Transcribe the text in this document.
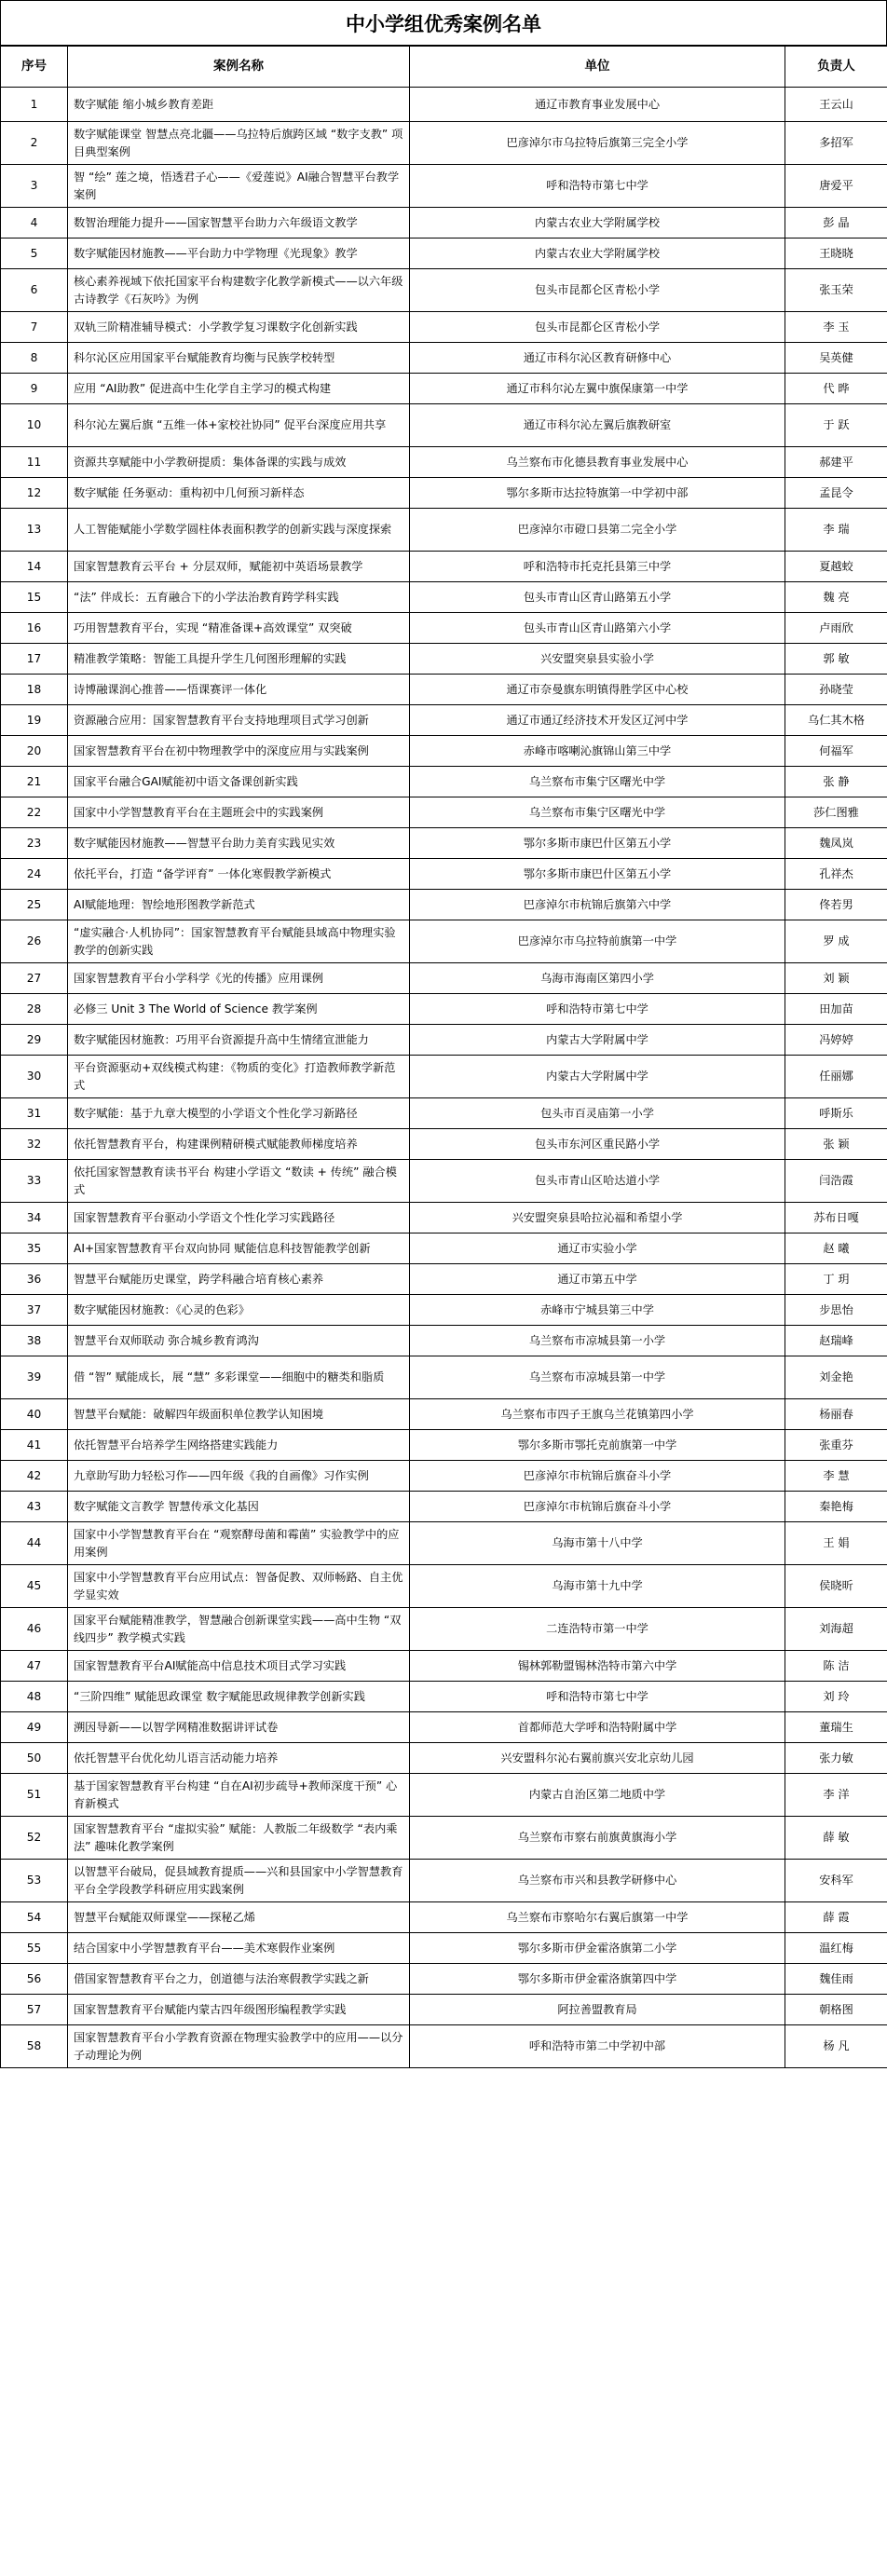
中小学组优秀案例名单
序号	案例名称	单位	负责人
1	数字赋能 缩小城乡教育差距	通辽市教育事业发展中心	王云山
2	数字赋能课堂 智慧点亮北疆——乌拉特后旗跨区域 “数字支教” 项目典型案例	巴彦淖尔市乌拉特后旗第三完全小学	多招军
3	智 “绘” 莲之境，悟透君子心——《爱莲说》AI融合智慧平台教学案例	呼和浩特市第七中学	唐爱平
4	数智治理能力提升——国家智慧平台助力六年级语文教学	内蒙古农业大学附属学校	彭 晶
5	数字赋能因材施教——平台助力中学物理《光现象》教学	内蒙古农业大学附属学校	王晓晓
6	核心素养视域下依托国家平台构建数字化教学新模式——以六年级古诗教学《石灰吟》为例	包头市昆都仑区青松小学	张玉荣
7	双轨三阶精准辅导模式：小学教学复习课数字化创新实践	包头市昆都仑区青松小学	李 玉
8	科尔沁区应用国家平台赋能教育均衡与民族学校转型	通辽市科尔沁区教育研修中心	吴英健
9	应用 “AI助教” 促进高中生化学自主学习的模式构建	通辽市科尔沁左翼中旗保康第一中学	代 晔
10	科尔沁左翼后旗 “五维一体+家校社协同” 促平台深度应用共享	通辽市科尔沁左翼后旗教研室	于 跃
11	资源共享赋能中小学教研提质：集体备课的实践与成效	乌兰察布市化德县教育事业发展中心	郝建平
12	数字赋能 任务驱动：重构初中几何预习新样态	鄂尔多斯市达拉特旗第一中学初中部	孟昆令
13	人工智能赋能小学数学圆柱体表面积教学的创新实践与深度探索	巴彦淖尔市磴口县第二完全小学	李 瑞
14	国家智慧教育云平台 + 分层双师，赋能初中英语场景教学	呼和浩特市托克托县第三中学	夏越蛟
15	“法” 伴成长：五育融合下的小学法治教育跨学科实践	包头市青山区青山路第五小学	魏 亮
16	巧用智慧教育平台，实现 “精准备课+高效课堂” 双突破	包头市青山区青山路第六小学	卢雨欣
17	精准教学策略：智能工具提升学生几何图形理解的实践	兴安盟突泉县实验小学	郭 敏
18	诗博融课润心推普——悟课赛评一体化	通辽市奈曼旗东明镇得胜学区中心校	孙晓莹
19	资源融合应用：国家智慧教育平台支持地理项目式学习创新	通辽市通辽经济技术开发区辽河中学	乌仁其木格
20	国家智慧教育平台在初中物理教学中的深度应用与实践案例	赤峰市喀喇沁旗锦山第三中学	何福军
21	国家平台融合GAI赋能初中语文备课创新实践	乌兰察布市集宁区曙光中学	张 静
22	国家中小学智慧教育平台在主题班会中的实践案例	乌兰察布市集宁区曙光中学	莎仁图雅
23	数字赋能因材施教——智慧平台助力美育实践见实效	鄂尔多斯市康巴什区第五小学	魏凤岚
24	依托平台，打造 “备学评育” 一体化寒假教学新模式	鄂尔多斯市康巴什区第五小学	孔祥杰
25	AI赋能地理：智绘地形图教学新范式	巴彦淖尔市杭锦后旗第六中学	佟若男
26	“虚实融合·人机协同”：国家智慧教育平台赋能县域高中物理实验教学的创新实践	巴彦淖尔市乌拉特前旗第一中学	罗 成
27	国家智慧教育平台小学科学《光的传播》应用课例	乌海市海南区第四小学	刘 颖
28	必修三 Unit 3 The World of Science 教学案例	呼和浩特市第七中学	田加苗
29	数字赋能因材施教：巧用平台资源提升高中生情绪宣泄能力	内蒙古大学附属中学	冯婷婷
30	平台资源驱动+双线模式构建：《物质的变化》打造教师教学新范式	内蒙古大学附属中学	任丽娜
31	数字赋能：基于九章大模型的小学语文个性化学习新路径	包头市百灵庙第一小学	呼斯乐
32	依托智慧教育平台，构建课例精研模式赋能教师梯度培养	包头市东河区重民路小学	张 颖
33	依托国家智慧教育读书平台 构建小学语文 “数读 + 传统” 融合模式	包头市青山区哈达道小学	闫浩霞
34	国家智慧教育平台驱动小学语文个性化学习实践路径	兴安盟突泉县哈拉沁福和希望小学	苏布日嘎
35	AI+国家智慧教育平台双向协同 赋能信息科技智能教学创新	通辽市实验小学	赵 曦
36	智慧平台赋能历史课堂，跨学科融合培育核心素养	通辽市第五中学	丁 玥
37	数字赋能因材施教：《心灵的色彩》	赤峰市宁城县第三中学	步思怡
38	智慧平台双师联动 弥合城乡教育鸿沟	乌兰察布市凉城县第一小学	赵瑞峰
39	借 “智” 赋能成长，展 “慧” 多彩课堂——细胞中的糖类和脂质	乌兰察布市凉城县第一中学	刘金艳
40	智慧平台赋能：破解四年级面积单位教学认知困境	乌兰察布市四子王旗乌兰花镇第四小学	杨丽春
41	依托智慧平台培养学生网络搭建实践能力	鄂尔多斯市鄂托克前旗第一中学	张重芬
42	九章助写助力轻松习作——四年级《我的自画像》习作实例	巴彦淖尔市杭锦后旗奋斗小学	李 慧
43	数字赋能文言教学 智慧传承文化基因	巴彦淖尔市杭锦后旗奋斗小学	秦艳梅
44	国家中小学智慧教育平台在 “观察酵母菌和霉菌” 实验教学中的应用案例	乌海市第十八中学	王 娟
45	国家中小学智慧教育平台应用试点：智备促教、双师畅路、自主优学显实效	乌海市第十九中学	侯晓昕
46	国家平台赋能精准教学，智慧融合创新课堂实践——高中生物 “双线四步” 教学模式实践	二连浩特市第一中学	刘海超
47	国家智慧教育平台AI赋能高中信息技术项目式学习实践	锡林郭勒盟锡林浩特市第六中学	陈 洁
48	“三阶四维” 赋能思政课堂 数字赋能思政规律教学创新实践	呼和浩特市第七中学	刘 玲
49	溯因导新——以智学网精准数据讲评试卷	首都师范大学呼和浩特附属中学	董瑞生
50	依托智慧平台优化幼儿语言活动能力培养	兴安盟科尔沁右翼前旗兴安北京幼儿园	张力敏
51	基于国家智慧教育平台构建 “自在AI初步疏导+教师深度干预” 心育新模式	内蒙古自治区第二地质中学	李 洋
52	国家智慧教育平台 “虚拟实验” 赋能：人教版二年级数学 “表内乘法” 趣味化教学案例	乌兰察布市察右前旗黄旗海小学	薛 敏
53	以智慧平台破局，促县域教育提质——兴和县国家中小学智慧教育平台全学段教学科研应用实践案例	乌兰察布市兴和县教学研修中心	安科军
54	智慧平台赋能双师课堂——探秘乙烯	乌兰察布市察哈尔右翼后旗第一中学	薛 霞
55	结合国家中小学智慧教育平台——美术寒假作业案例	鄂尔多斯市伊金霍洛旗第二小学	温红梅
56	借国家智慧教育平台之力，创道德与法治寒假教学实践之新	鄂尔多斯市伊金霍洛旗第四中学	魏佳雨
57	国家智慧教育平台赋能内蒙古四年级图形编程教学实践	阿拉善盟教育局	朝格图
58	国家智慧教育平台小学教育资源在物理实验教学中的应用——以分子动理论为例	呼和浩特市第二中学初中部	杨 凡
